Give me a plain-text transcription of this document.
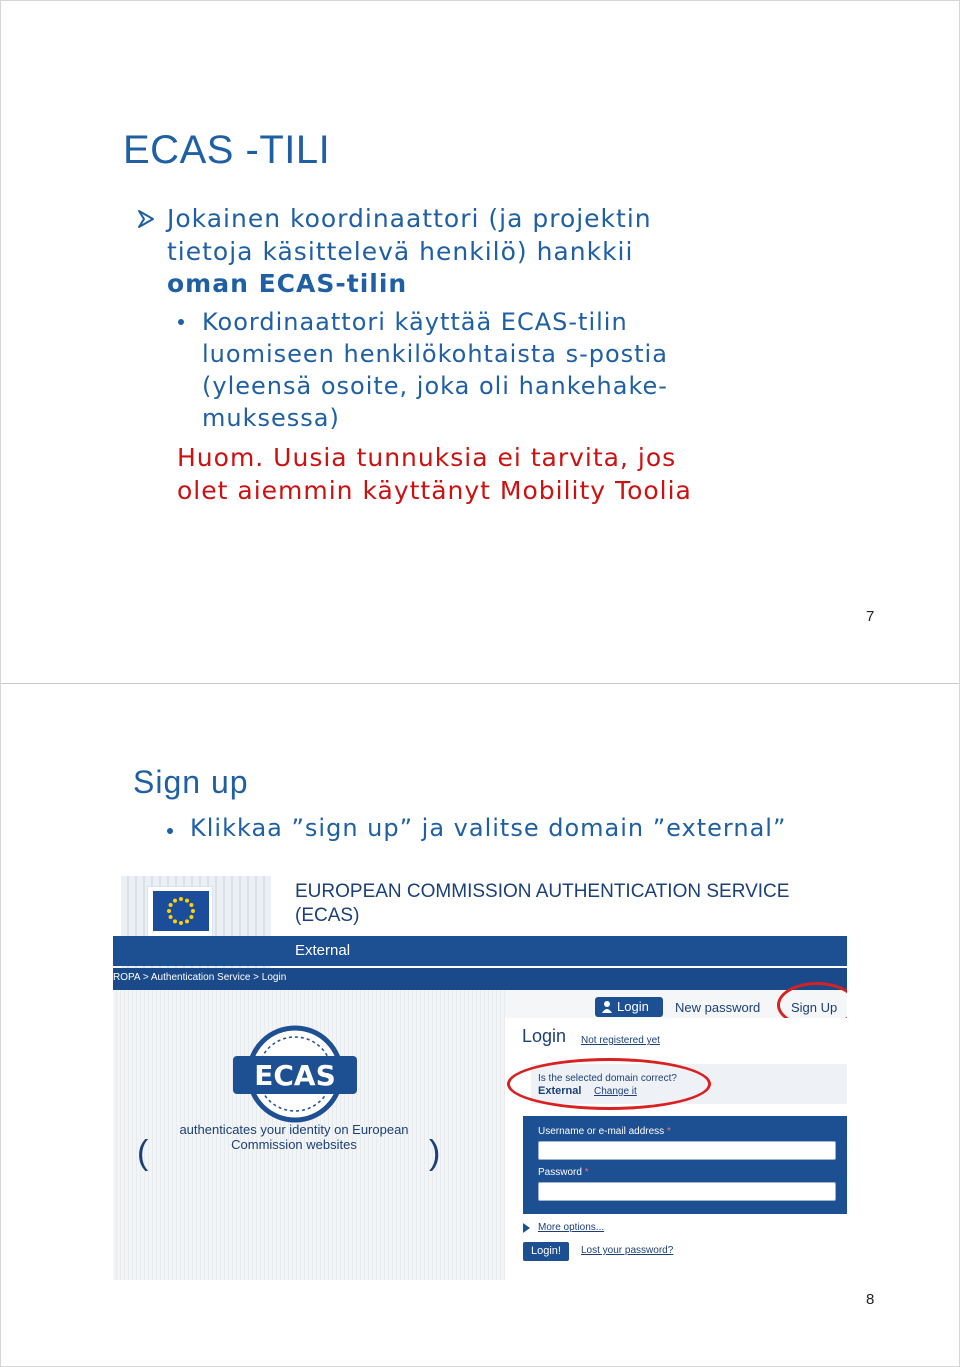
ECAS -TILI
Jokainen koordinaattori (ja projektin
tietoja käsittelevä henkilö) hankkii
oman ECAS-tilin
Koordinaattori käyttää ECAS-tilin
luomiseen henkilökohtaista s-postia
(yleensä osoite, joka oli hankehake-
muksessa)
Huom. Uusia tunnuksia ei tarvita, jos
olet aiemmin käyttänyt Mobility Toolia
7
Sign up
Klikkaa ”sign up” ja valitse domain ”external”
EUROPEAN COMMISSION AUTHENTICATION SERVICE
(ECAS)
External
ROPA > Authentication Service > Login
ECAS
(
authenticates your identity on European
Commission websites	)
Login New password Sign Up
Login Not registered yet
Is the selected domain correct?
External Change it
Username or e-mail address *
Password *
More options...
Login!	Lost your password?
8
